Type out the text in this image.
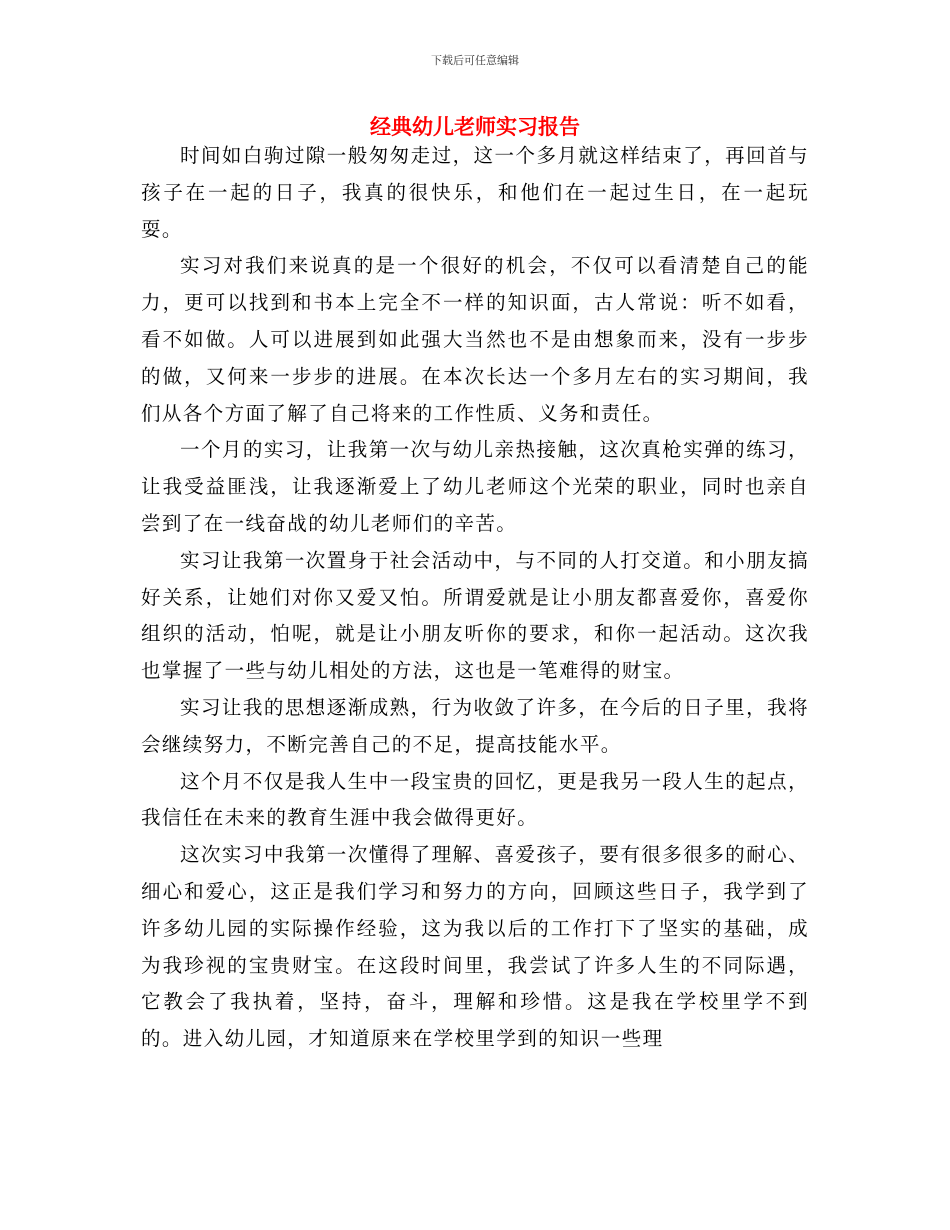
下载后可任意编辑
经典幼儿老师实习报告

时间如白驹过隙一般匆匆走过，这一个多月就这样结束了，再回首与孩子在一起的日子，我真的很快乐，和他们在一起过生日，在一起玩耍。

实习对我们来说真的是一个很好的机会，不仅可以看清楚自己的能力，更可以找到和书本上完全不一样的知识面，古人常说：听不如看，看不如做。人可以进展到如此强大当然也不是由想象而来，没有一步步的做，又何来一步步的进展。在本次长达一个多月左右的实习期间，我们从各个方面了解了自己将来的工作性质、义务和责任。

一个月的实习，让我第一次与幼儿亲热接触，这次真枪实弹的练习，让我受益匪浅，让我逐渐爱上了幼儿老师这个光荣的职业，同时也亲自尝到了在一线奋战的幼儿老师们的辛苦。

实习让我第一次置身于社会活动中，与不同的人打交道。和小朋友搞好关系，让她们对你又爱又怕。所谓爱就是让小朋友都喜爱你，喜爱你组织的活动，怕呢，就是让小朋友听你的要求，和你一起活动。这次我也掌握了一些与幼儿相处的方法，这也是一笔难得的财宝。

实习让我的思想逐渐成熟，行为收敛了许多，在今后的日子里，我将会继续努力，不断完善自己的不足，提高技能水平。

这个月不仅是我人生中一段宝贵的回忆，更是我另一段人生的起点，我信任在未来的教育生涯中我会做得更好。

这次实习中我第一次懂得了理解、喜爱孩子，要有很多很多的耐心、细心和爱心，这正是我们学习和努力的方向，回顾这些日子，我学到了许多幼儿园的实际操作经验，这为我以后的工作打下了坚实的基础，成为我珍视的宝贵财宝。在这段时间里，我尝试了许多人生的不同际遇，它教会了我执着，坚持，奋斗，理解和珍惜。这是我在学校里学不到的。进入幼儿园，才知道原来在学校里学到的知识一些理
